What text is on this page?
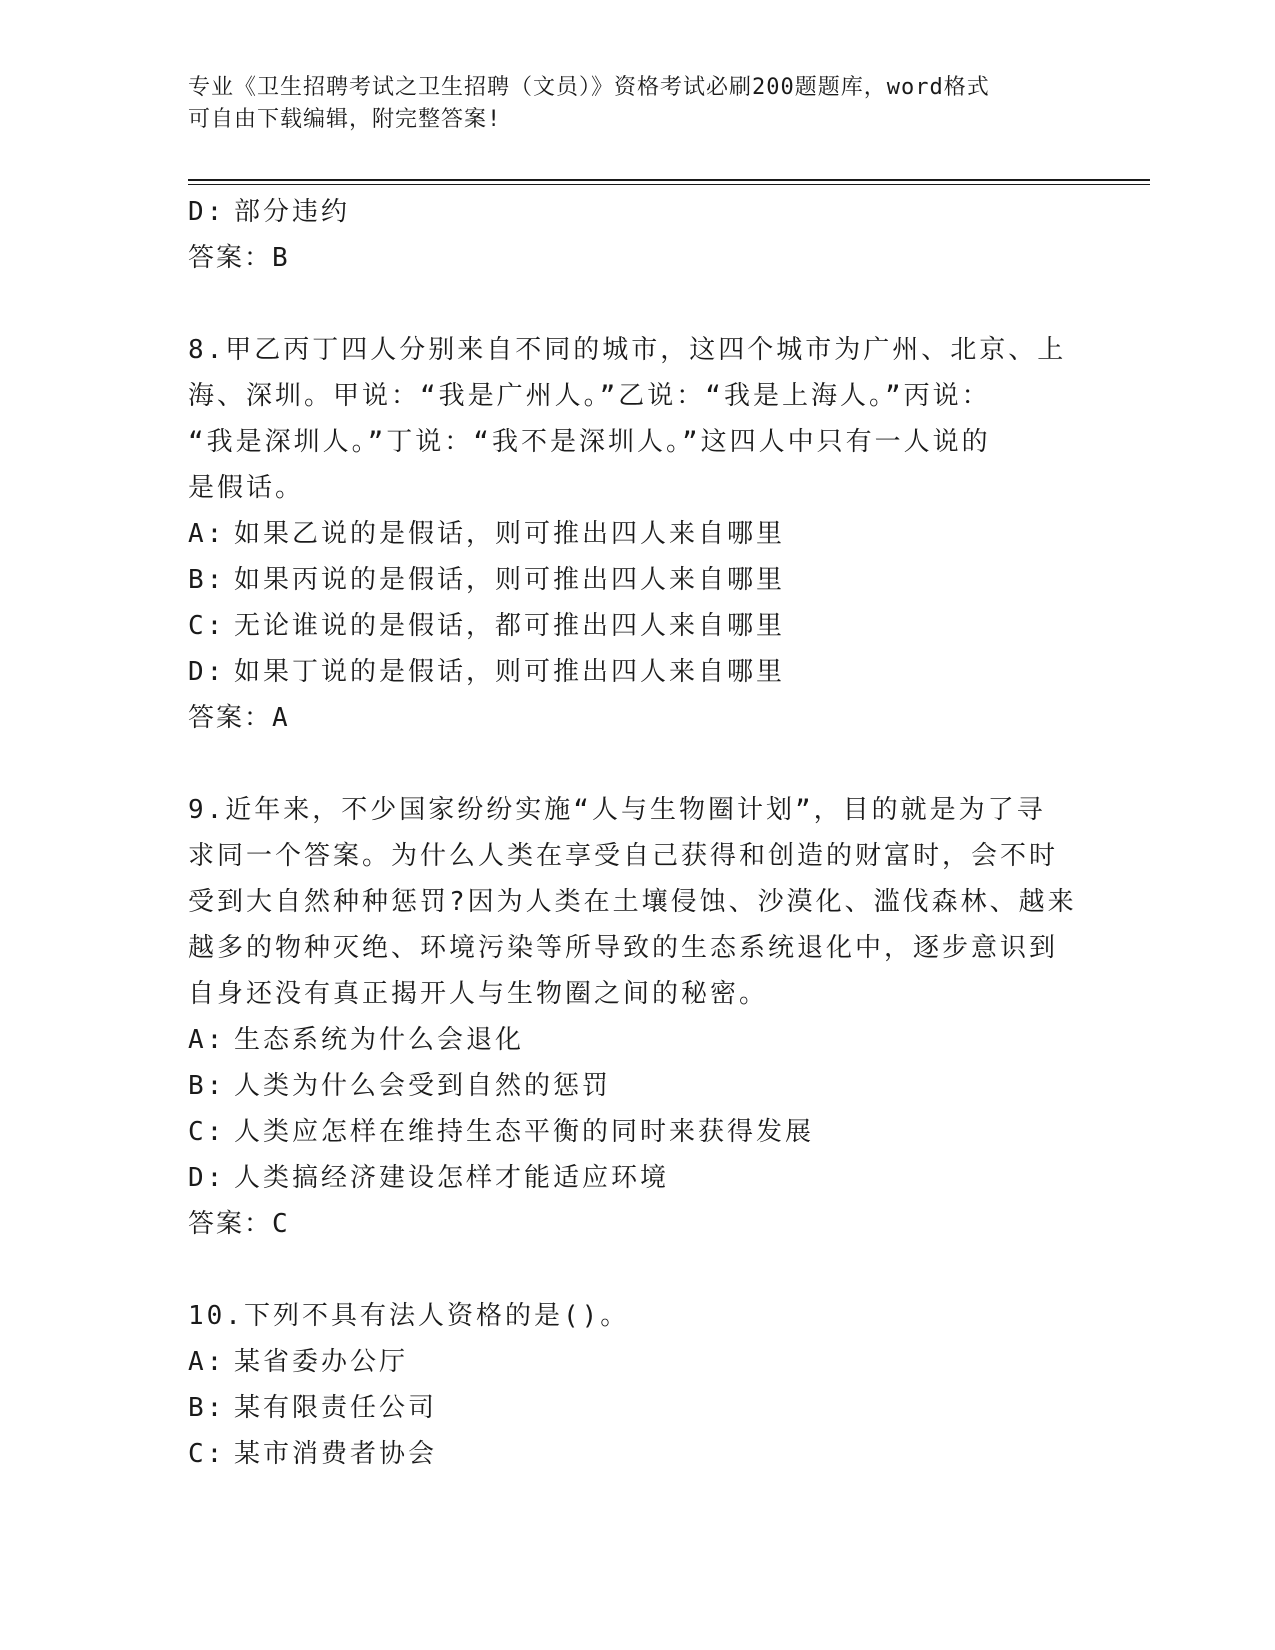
专业《卫生招聘考试之卫生招聘（文员）》资格考试必刷200题题库，word格式
可自由下载编辑，附完整答案!
D: 部分违约
答案：B
8.甲乙丙丁四人分别来自不同的城市，这四个城市为广州、北京、上
海、深圳。甲说：“我是广州人。”乙说：“我是上海人。”丙说：
“我是深圳人。”丁说：“我不是深圳人。”这四人中只有一人说的
是假话。
A: 如果乙说的是假话，则可推出四人来自哪里
B: 如果丙说的是假话，则可推出四人来自哪里
C: 无论谁说的是假话，都可推出四人来自哪里
D: 如果丁说的是假话，则可推出四人来自哪里
答案：A
9.近年来，不少国家纷纷实施“人与生物圈计划”，目的就是为了寻
求同一个答案。为什么人类在享受自己获得和创造的财富时，会不时
受到大自然种种惩罚?因为人类在土壤侵蚀、沙漠化、滥伐森林、越来
越多的物种灭绝、环境污染等所导致的生态系统退化中，逐步意识到
自身还没有真正揭开人与生物圈之间的秘密。
A: 生态系统为什么会退化
B: 人类为什么会受到自然的惩罚
C: 人类应怎样在维持生态平衡的同时来获得发展
D: 人类搞经济建设怎样才能适应环境
答案：C
10.下列不具有法人资格的是()。
A: 某省委办公厅
B: 某有限责任公司
C: 某市消费者协会
